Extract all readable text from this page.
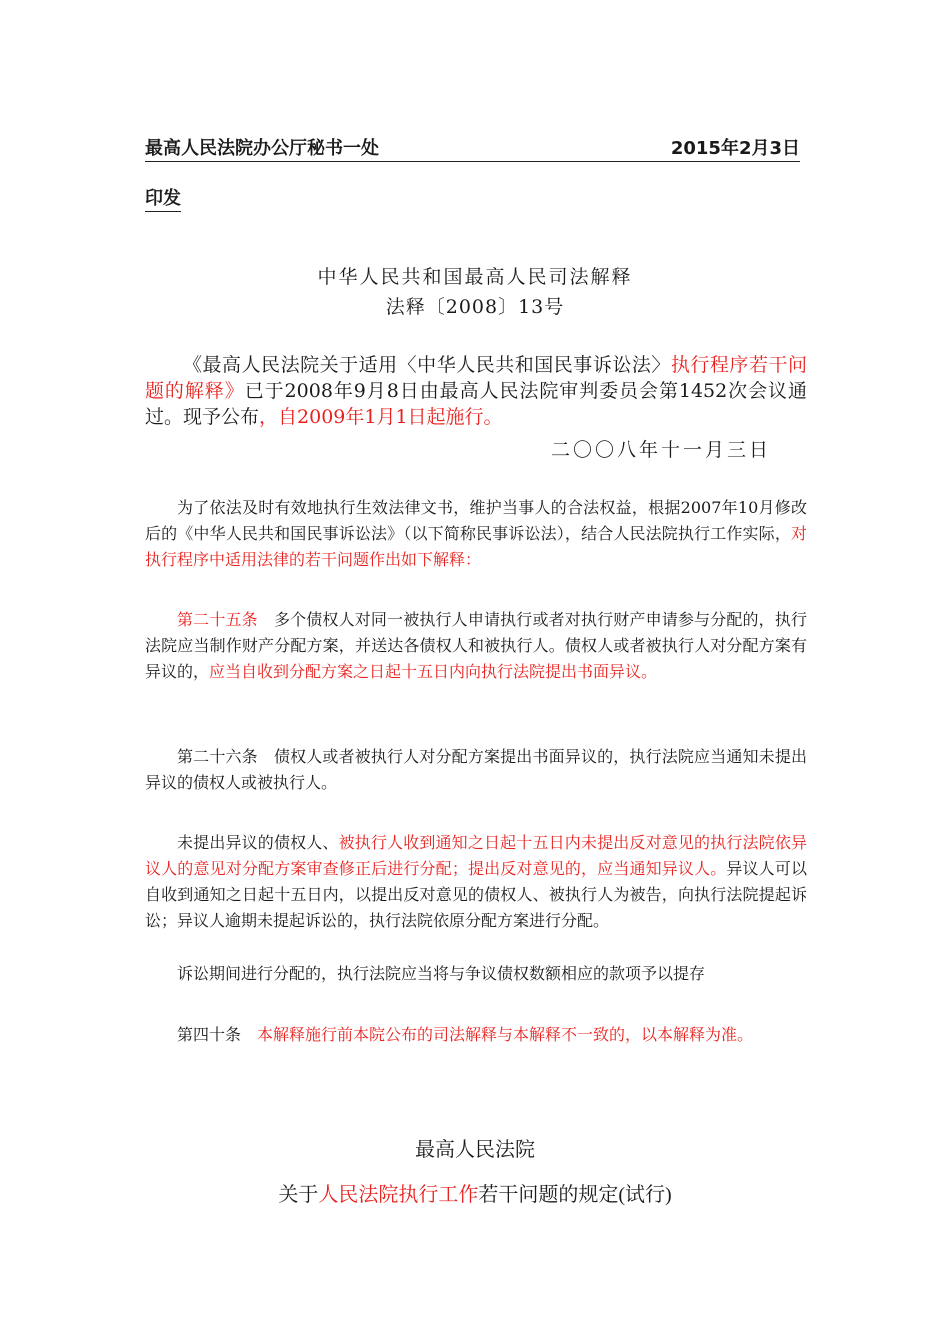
最高人民法院办公厅秘书一处	2015年2月3日
印发
中华人民共和国最高人民司法解释
法释〔2008〕13号
《最高人民法院关于适用〈中华人民共和国民事诉讼法〉执行程序若干问题的解释》已于2008年9月8日由最高人民法院审判委员会第1452次会议通过。现予公布，自2009年1月1日起施行。
二〇〇八年十一月三日
为了依法及时有效地执行生效法律文书，维护当事人的合法权益，根据2007年10月修改后的《中华人民共和国民事诉讼法》（以下简称民事诉讼法），结合人民法院执行工作实际，对执行程序中适用法律的若干问题作出如下解释：
第二十五条　多个债权人对同一被执行人申请执行或者对执行财产申请参与分配的，执行法院应当制作财产分配方案，并送达各债权人和被执行人。债权人或者被执行人对分配方案有异议的，应当自收到分配方案之日起十五日内向执行法院提出书面异议。
第二十六条　债权人或者被执行人对分配方案提出书面异议的，执行法院应当通知未提出异议的债权人或被执行人。
未提出异议的债权人、被执行人收到通知之日起十五日内未提出反对意见的执行法院依异议人的意见对分配方案审查修正后进行分配；提出反对意见的，应当通知异议人。异议人可以自收到通知之日起十五日内，以提出反对意见的债权人、被执行人为被告，向执行法院提起诉讼；异议人逾期未提起诉讼的，执行法院依原分配方案进行分配。
诉讼期间进行分配的，执行法院应当将与争议债权数额相应的款项予以提存
第四十条　本解释施行前本院公布的司法解释与本解释不一致的，以本解释为准。
最高人民法院
关于人民法院执行工作若干问题的规定(试行)
